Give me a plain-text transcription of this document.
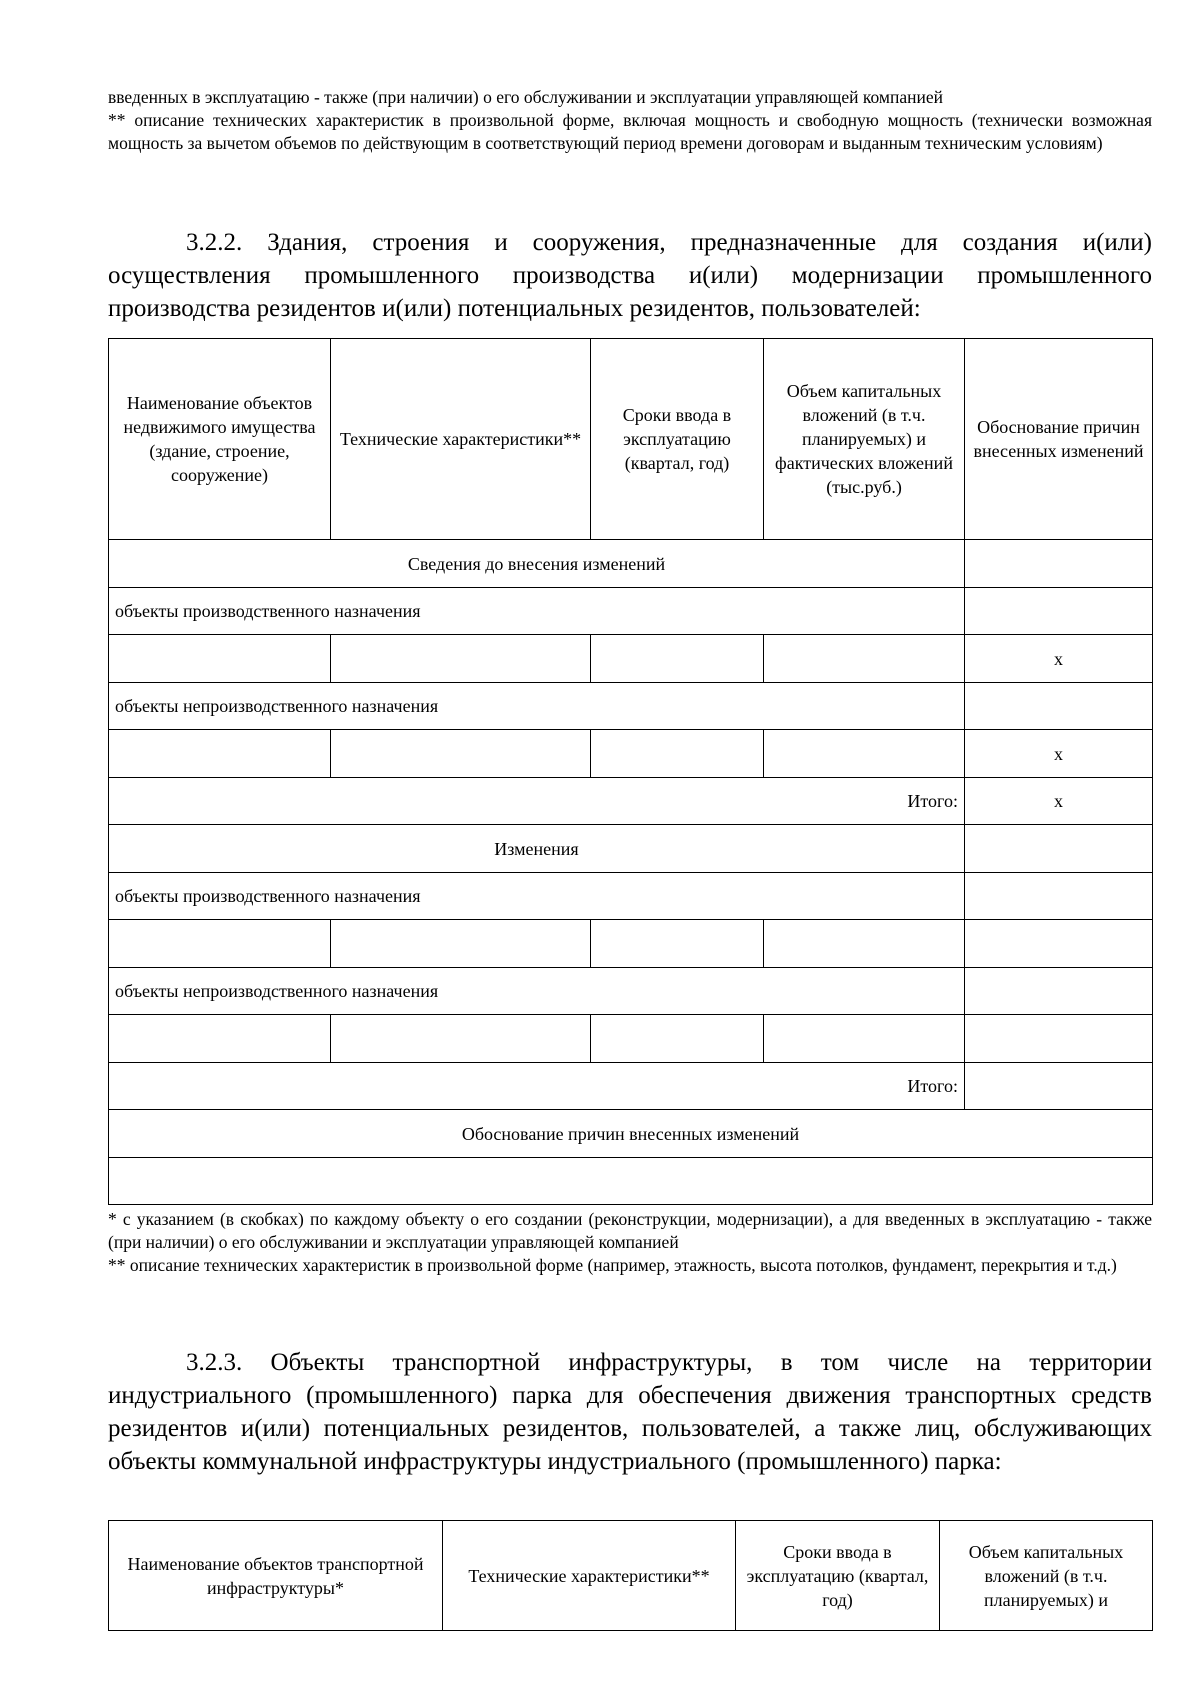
введенных в эксплуатацию - также (при наличии) о его обслуживании и эксплуатации управляющей компанией

** описание технических характеристик в произвольной форме, включая мощность и свободную мощность (технически возможная мощность за вычетом объемов по действующим в соответствующий период времени договорам и выданным техническим условиям)

3.2.2. Здания, строения и сооружения, предназначенные для создания и(или) осуществления промышленного производства и(или) модернизации промышленного производства резидентов и(или) потенциальных резидентов, пользователей:

Наименование объектов недвижимого имущества (здание, строение, сооружение)	Технические характеристики**	Сроки ввода в эксплуатацию (квартал, год)	Объем капитальных вложений (в т.ч. планируемых) и фактических вложений (тыс.руб.)	Обоснование причин внесенных изменений
Сведения до внесения изменений				
объекты производственного назначения				
				x
объекты непроизводственного назначения				
				x
Итого:				x
Изменения				
объекты производственного назначения				

объекты непроизводственного назначения				

Итого:				
Обоснование причин внесенных изменений				

* с указанием (в скобках) по каждому объекту о его создании (реконструкции, модернизации), а для введенных в эксплуатацию - также (при наличии) о его обслуживании и эксплуатации управляющей компанией

** описание технических характеристик в произвольной форме (например, этажность, высота потолков, фундамент, перекрытия и т.д.)

3.2.3. Объекты транспортной инфраструктуры, в том числе на территории индустриального (промышленного) парка для обеспечения движения транспортных средств резидентов и(или) потенциальных резидентов, пользователей, а также лиц, обслуживающих объекты коммунальной инфраструктуры индустриального (промышленного) парка:

Наименование объектов транспортной инфраструктуры*	Технические характеристики**	Сроки ввода в эксплуатацию (квартал, год)	Объем капитальных вложений (в т.ч. планируемых) и
